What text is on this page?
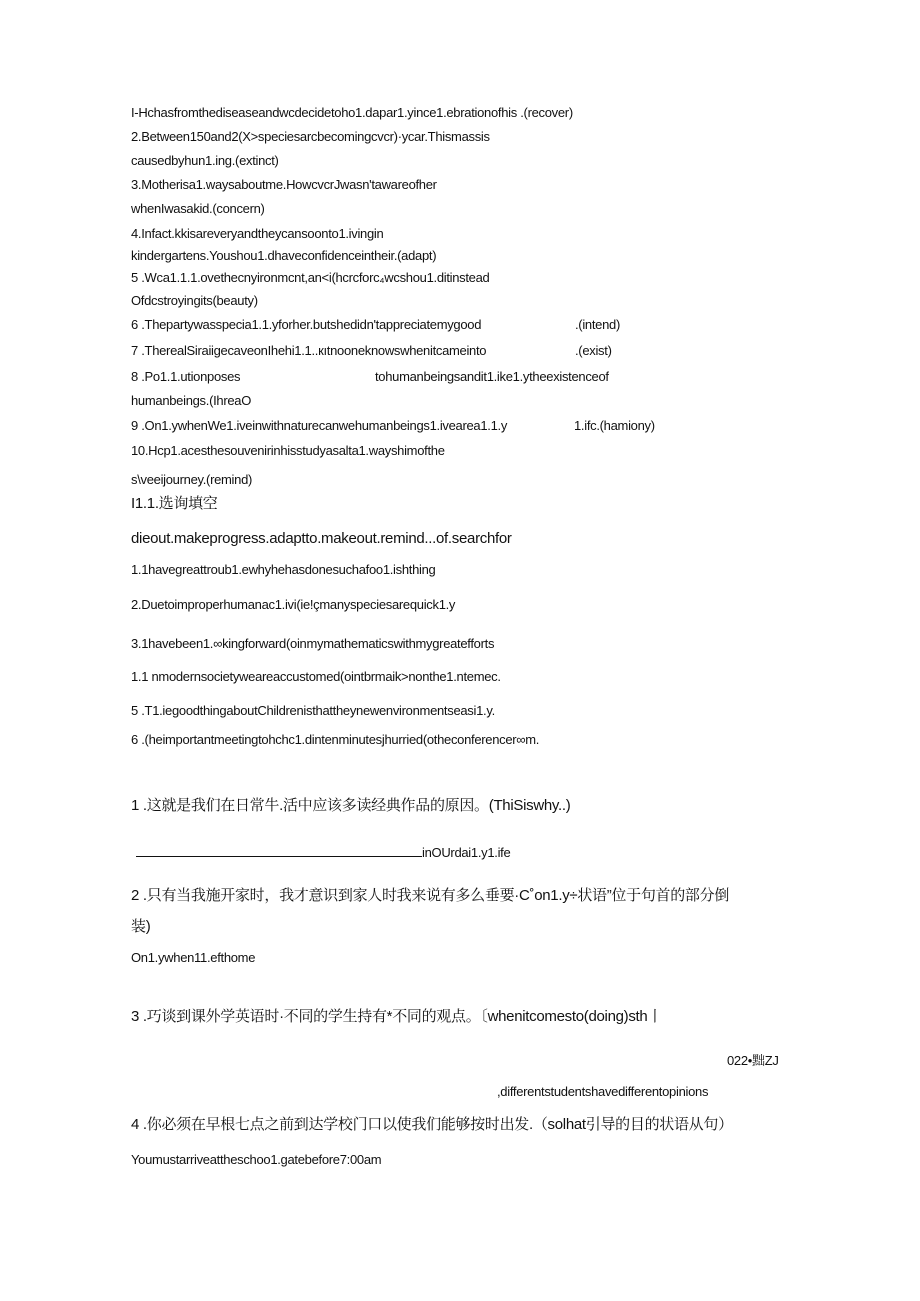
I-Hchasfromthediseaseandwcdecidetoho1.dapar1.yince1.ebrationofhis .(recover)
2.Between150and2(X>speciesarcbecomingcvcr)·ycar.Thismassis
causedbyhun1.ing.(extinct)
3.Motherisa1.waysaboutme.HowcvcrJwasn'tawareofher
whenIwasakid.(concern)
4.Infact.kkisareveryandtheycansoonto1.ivingin
kindergartens.Youshou1.dhaveconfidenceintheir.(adapt)
5 .Wca1.1.1.ovethecnyironmcnt,an<i(hcrcforc₄wcshou1.ditinstead
Ofdcstroyingits(beauty)
6 .Thepartywasspecia1.1.yforher.butshedidn'tappreciatemygood	.(intend)
7 .TherealSiraiigecaveonIhehi1.1..кıtnooneknowswhenitcameinto	.(exist)
8 .Po1.1.utionposes	tohumanbeingsandit1.ike1.ytheexistenceof
humanbeings.(IhreaO
9 .On1.ywhenWe1.iveinwithnaturecanwehumanbeings1.ivearea1.1.y	1.ifc.(hamiony)
10.Hcp1.acesthesouvenirinhisstudyasalta1.wayshimofthe
s\veeijourney.(remind)
I1.1.选询填空
dieout.makeprogress.adaptto.makeout.remind...of.searchfor
1.1havegreattroub1.ewhyhehasdonesuchafoo1.ishthing
2.Duetoimproperhumanac1.ivi(ie!çmanyspeciesarequick1.y
3.1havebeen1.∞kingforward(oinmymathematicswithmygreatefforts
1.1 nmodernsocietyweareaccustomed(ointbrmaik>nonthe1.ntemec.
5 .T1.iegoodthingaboutChildrenisthattheynewenvironmentseasi1.y.
6 .(heimportantmeetingtohchc1.dintenminutesjhurried(otheconferencer∞m.
1 .这就是我们在日常牛.活中应该多读经典作品的原因。(ThiSiswhy..)
inOUrdai1.y1.ife
2 .只有当我施开家时，我才意识到家人时我来说有多么垂要·C˚on1.y÷状语”位于句首的部分倒
装)
On1.ywhen11.efthome
3 .巧谈到课外学英语时·不同的学生持有*不同的观点。〔whenitcomesto(doing)sth丨
022•黜ZJ
,differentstudentshavedifferentopinions
4 .你必须在早根七点之前到达学校门口以使我们能够按时出发.（solhat引导的目的状语从句）
Youmustarriveattheschoo1.gatebefore7:00am
